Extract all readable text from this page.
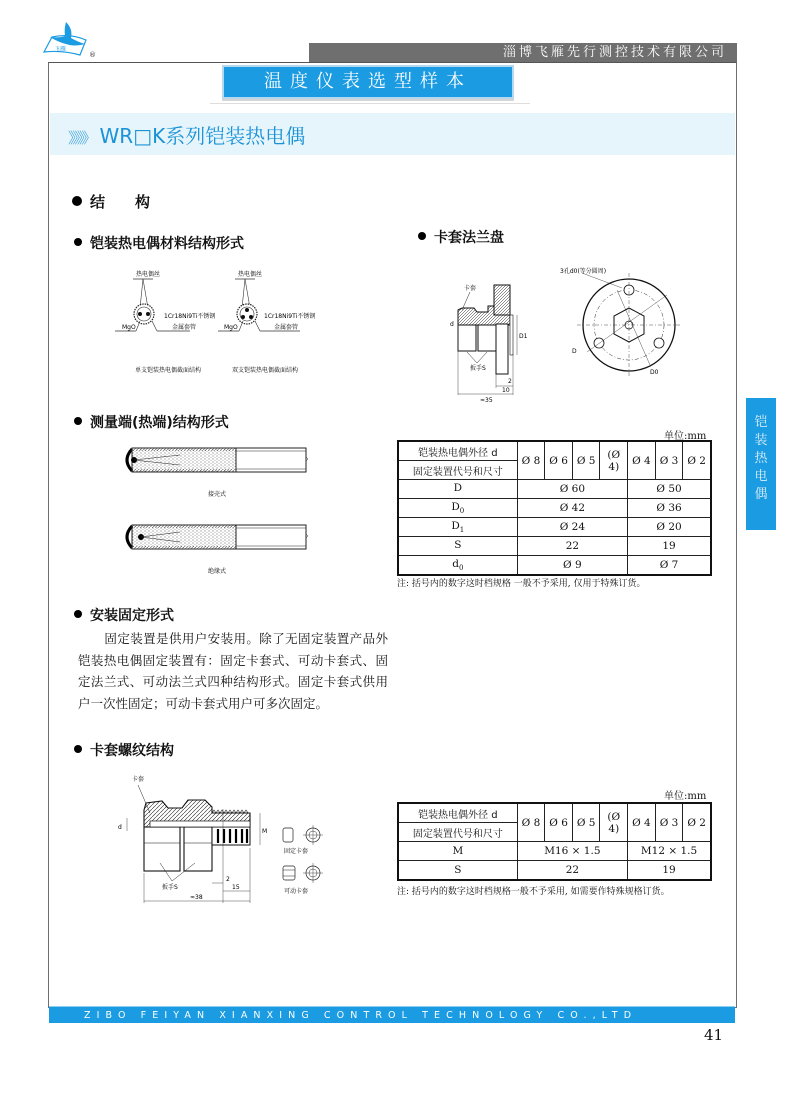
飞雁
®	淄博飞雁先行测控技术有限公司
温度仪表选型样本
》》》》 WR□K系列铠装热电偶
铠
装
热
电
偶
结　　构
铠装热电偶材料结构形式
热电偶丝
MgO
1Cr18Ni9Ti不锈钢
金属套管
单支铠装热电偶截面结构
热电偶丝
MgO
1Cr18Ni9Ti不锈钢
金属套管
双支铠装热电偶截面结构
测量端(热端)结构形式
接壳式
绝缘式
安装固定形式
固定装置是供用户安装用。除了无固定装置产品外铠装热电偶固定装置有：固定卡套式、可动卡套式、固定法兰式、可动法兰式四种结构形式。固定卡套式供用户一次性固定；可动卡套式用户可多次固定。
卡套螺纹结构
卡套
扳手S
d
M
2
15
≈38
固定卡套
可动卡套
卡套法兰盘
卡套
扳手S
d
D1
2
10
≈35
3孔d0(等分圆周)
D
D0
单位:mm
铠装热电偶外径 d	Ø 8	Ø 6	Ø 5	(Ø 4)	Ø 4	Ø 3	Ø 2
固定装置代号和尺寸							
D	Ø 60				Ø 50		
$D_0$	Ø 42				Ø 36		
$D_1$	Ø 24				Ø 20		
S	22				19		
$d_0$	Ø 9				Ø 7		
注: 括号内的数字这时档规格 一般不予采用, 仅用于特殊订货。
单位:mm
铠装热电偶外径 d	Ø 8	Ø 6	Ø 5	(Ø 4)	Ø 4	Ø 3	Ø 2
固定装置代号和尺寸							
M	M16 × 1.5				M12 × 1.5		
S	22				19		
注: 括号内的数字这时档规格一般不予采用, 如需要作特殊规格订货。
ZIBO FEIYAN XIANXING CONTROL TECHNOLOGY CO.,LTD
41
